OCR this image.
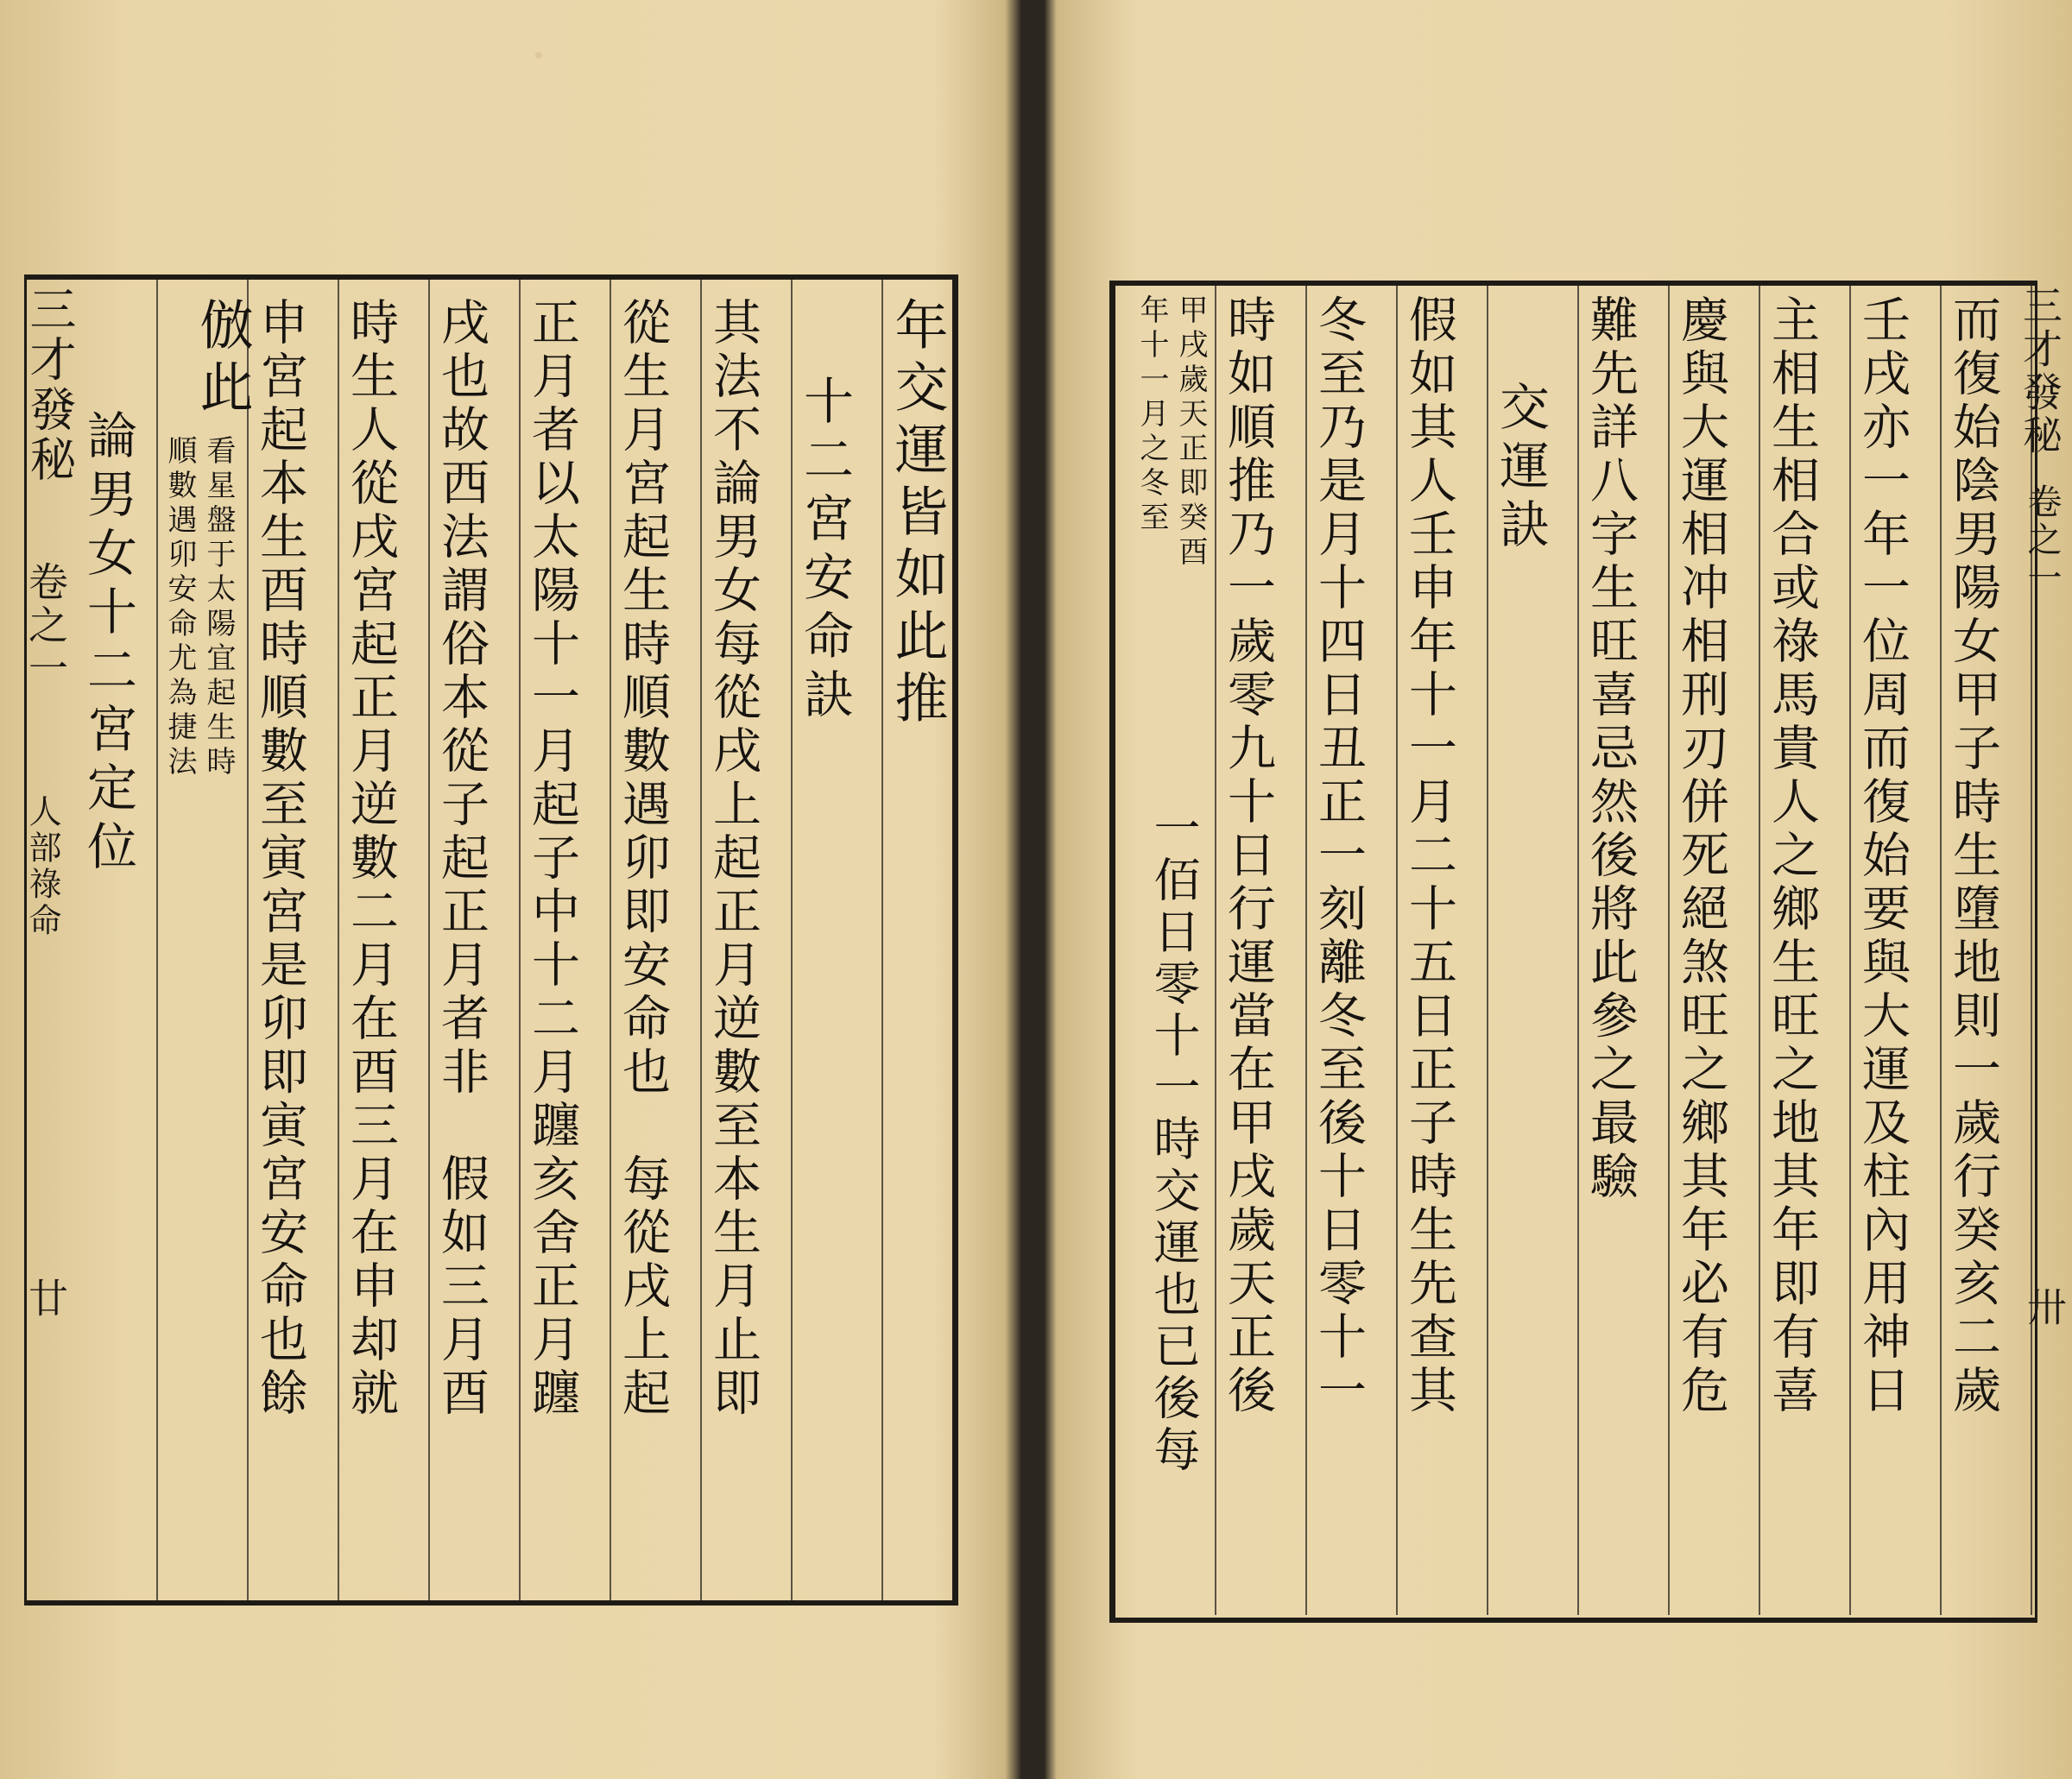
年交運皆如此推
十二宮安命訣
其法不論男女每從戌上起正月逆數至本生月止即
從生月宮起生時順數遇卯即安命也　每從戌上起
正月者以太陽十一月起子中十二月躔亥舍正月躔
戌也故西法謂俗本從子起正月者非　假如三月酉
時生人從戌宮起正月逆數二月在酉三月在申却就
申宮起本生酉時順數至寅宮是卯即寅宮安命也餘
倣此
看星盤于太陽宜起生時
順數遇卯安命尤為捷法
論男女十二宮定位
三才發秘
卷之一
人部祿命
廿	而復始陰男陽女甲子時生墮地則一歲行癸亥二歲
壬戌亦一年一位周而復始要與大運及柱內用神日
主相生相合或祿馬貴人之鄉生旺之地其年即有喜
慶與大運相冲相刑刃併死絕煞旺之鄉其年必有危
難先詳八字生旺喜忌然後將此參之最驗
交運訣
假如其人壬申年十一月二十五日正子時生先查其
冬至乃是月十四日丑正一刻離冬至後十日零十一
時如順推乃一歲零九十日行運當在甲戌歲天正後
甲戌歲天正即癸酉
年十一月之冬至
一佰日零十一時交運也已後每
三才發秘
卷之一
卅
